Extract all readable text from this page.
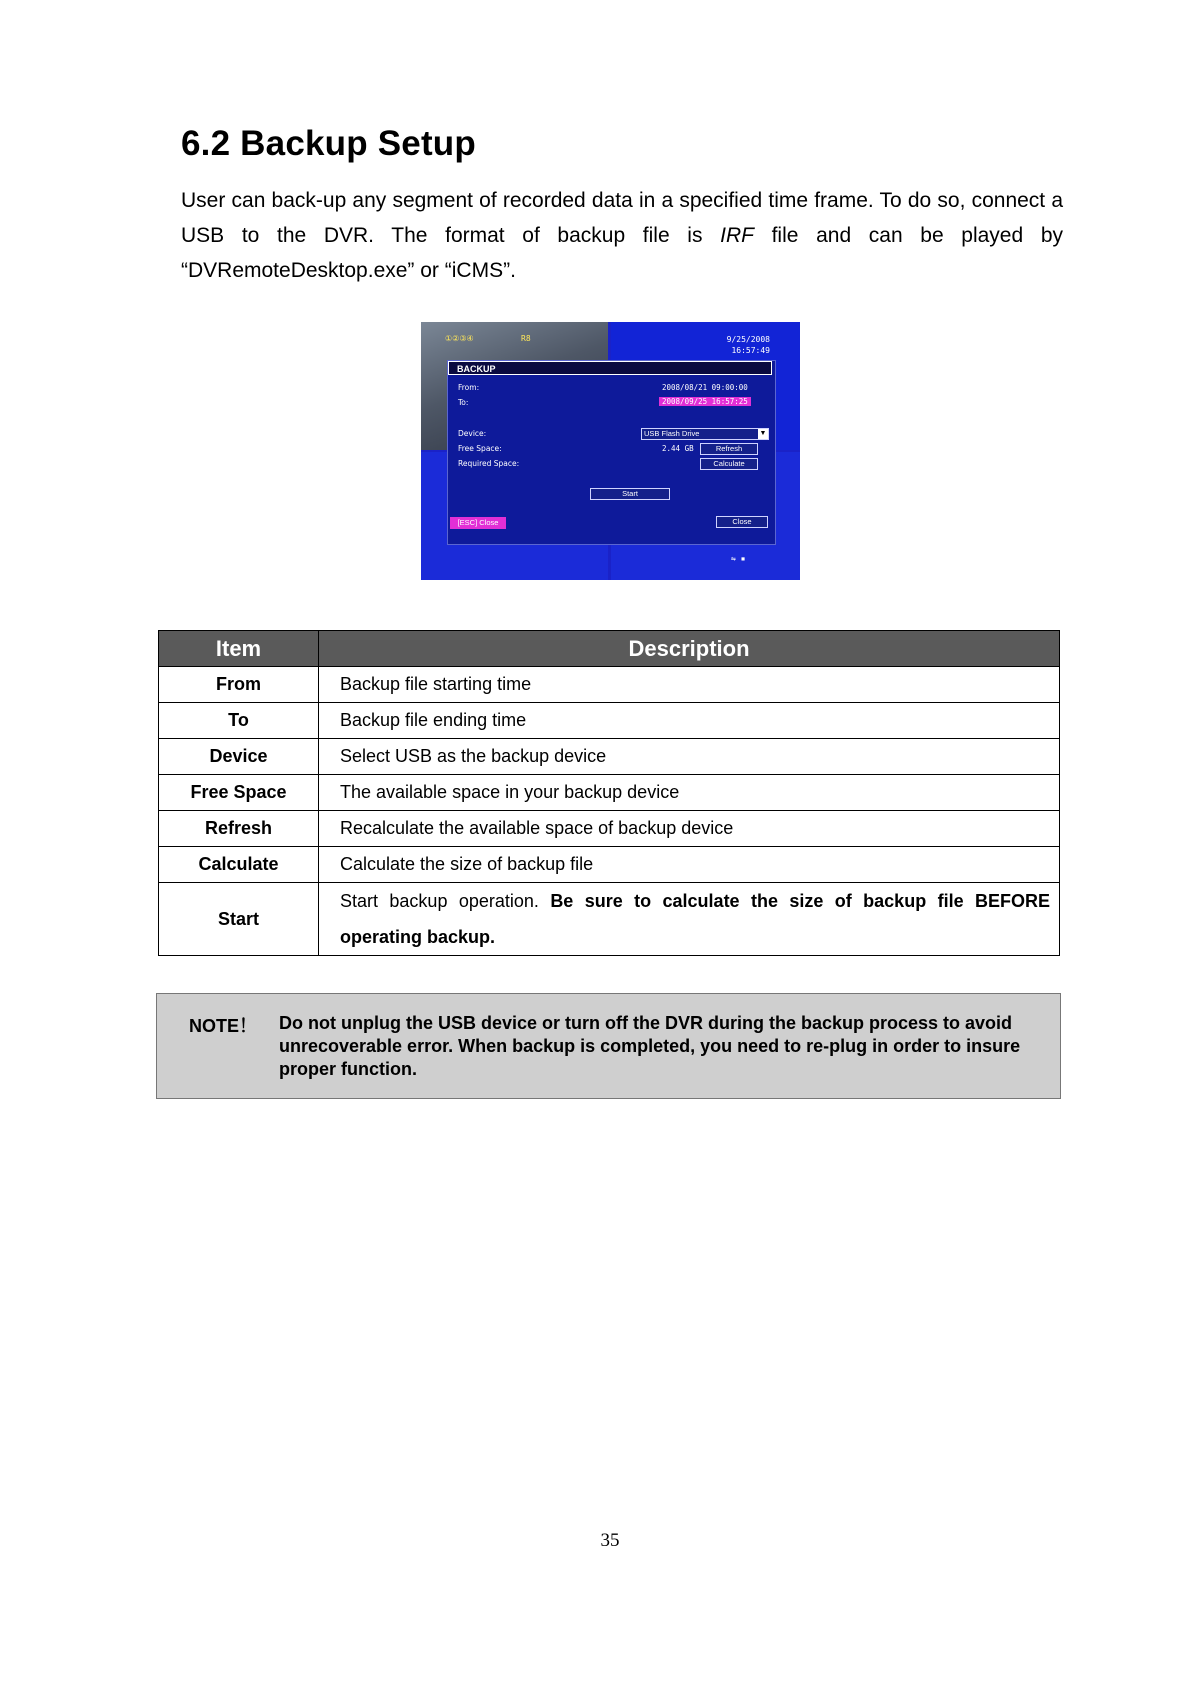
6.2 Backup Setup
User can back-up any segment of recorded data in a specified time frame. To do so, connect a USB to the DVR. The format of backup file is IRF file and can be played by “DVRemoteDesktop.exe” or “iCMS”.
①②③④	R8	9/25/2008
16:57:49
BACKUP
From:	2008/08/21 09:00:00
To:	2008/09/25 16:57:25
Device:	USB Flash Drive	▼
Free Space:	2.44 GB	Refresh
Required Space:	Calculate
Start
[ESC] Close	Close
⇋ ▪
Item	Description
From	Backup file starting time
To	Backup file ending time
Device	Select USB as the backup device
Free Space	The available space in your backup device
Refresh	Recalculate the available space of backup device
Calculate	Calculate the size of backup file
Start	Start backup operation. Be sure to calculate the size of backup file BEFORE operating backup.
NOTE！ Do not unplug the USB device or turn off the DVR during the backup process to avoid unrecoverable error. When backup is completed, you need to re-plug in order to insure proper function.
35
